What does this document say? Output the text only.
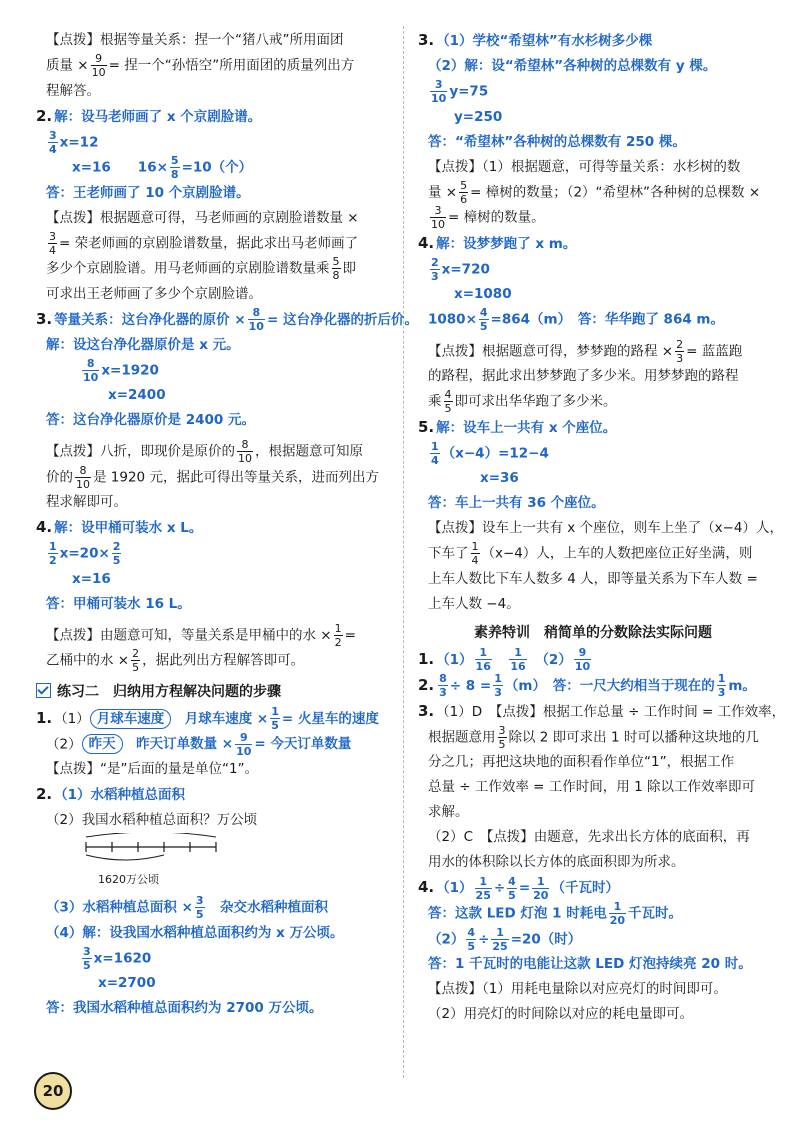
【点拨】根据等量关系：捏一个“猪八戒”所用面团
质量 × $\frac{9}{10}$ = 捏一个“孙悟空”所用面团的质量列出方
程解答。
2. 解：设马老师画了 x 个京剧脸谱。
$\frac{3}{4} x=12$
x=16　　$16\times \frac{5}{8} =10$（个）
答：王老师画了 10 个京剧脸谱。
【点拨】根据题意可得，马老师画的京剧脸谱数量 ×
$\frac{3}{4}$ = 荣老师画的京剧脸谱数量，据此求出马老师画了
多少个京剧脸谱。用马老师画的京剧脸谱数量乘 $\frac{5}{8}$ 即
可求出王老师画了多少个京剧脸谱。
3. 等量关系：这台净化器的原价 × $\frac{8}{10}$ = 这台净化器的折后价。
解：设这台净化器原价是 x 元。
$\frac{8}{10} x=1920$
x=2400
答：这台净化器原价是 2400 元。
【点拨】八折，即现价是原价的 $\frac{8}{10}$ ，根据题意可知原
价的 $\frac{8}{10}$ 是 1920 元，据此可得出等量关系，进而列出方
程求解即可。
4. 解：设甲桶可装水 x L。
$\frac{1}{2} x=20\times \frac{2}{5}$
x=16
答：甲桶可装水 16 L。
【点拨】由题意可知，等量关系是甲桶中的水 × $\frac{1}{2}$ =
乙桶中的水 × $\frac{2}{5}$ ，据此列出方程解答即可。
练习二　归纳用方程解决问题的步骤
1. （1） 月球车速度　 月球车速度 × $\frac{1}{5}$ = 火星车的速度
（2） 昨天　 昨天订单数量 × $\frac{9}{10}$ = 今天订单数量
【点拨】“是”后面的量是单位“1”。
2. （1）水稻种植总面积
（2）我国水稻种植总面积？万公顷
1620万公顷
（3）水稻种植总面积 × $\frac{3}{5}$ 　杂交水稻种植面积
（4）解：设我国水稻种植总面积约为 x 万公顷。
$\frac{3}{5} x=1620$
x=2700
答：我国水稻种植总面积约为 2700 万公顷。
3. （1）学校“希望林”有水杉树多少棵
（2）解：设“希望林”各种树的总棵数有 y 棵。
$\frac{3}{10} y=75$
y=250
答：“希望林”各种树的总棵数有 250 棵。
【点拨】（1）根据题意，可得等量关系：水杉树的数
量 × $\frac{5}{6}$ = 樟树的数量；（2）“希望林”各种树的总棵数 ×
$\frac{3}{10}$ = 樟树的数量。
4. 解：设梦梦跑了 x m。
$\frac{2}{3} x=720$
x=1080
$1080\times \frac{4}{5} =864(m)$　答：华华跑了 864 m。
【点拨】根据题意可得，梦梦跑的路程 × $\frac{2}{3}$ = 蓝蓝跑
的路程，据此求出梦梦跑了多少米。用梦梦跑的路程
乘 $\frac{4}{5}$ 即可求出华华跑了多少米。
5. 解：设车上一共有 x 个座位。
$\frac{1}{4} (x-4)=12-4$
x=36
答：车上一共有 36 个座位。
【点拨】设车上一共有 x 个座位，则车上坐了（x−4）人，
下车了 $\frac{1}{4} (x-4)$人，上车的人数把座位正好坐满，则
上车人数比下车人数多 4 人，即等量关系为下车人数 =
上车人数 −4。
素养特训　稍简单的分数除法实际问题
1. $(1) \frac{1}{16}$
　 $\frac{1}{16}$
　 $(2) \frac{9}{10}$
2. $\frac{8}{3} \div 8 = \frac{1}{3} (m)$　答：一尺大约相当于现在的 $\frac{1}{3}$ m。
3. （1）D　【点拨】根据工作总量 ÷ 工作时间 = 工作效率，
根据题意用 $\frac{3}{5}$ 除以 2 即可求出 1 时可以播种这块地的几
分之几；再把这块地的面积看作单位“1”，根据工作
总量 ÷ 工作效率 = 工作时间，用 1 除以工作效率即可
求解。
（2）C　【点拨】由题意，先求出长方体的底面积，再
用水的体积除以长方体的底面积即为所求。
4. $(1) \frac{1}{25} \div \frac{4}{5} = \frac{1}{20}$ （千瓦时）
答：这款 LED 灯泡 1 时耗电 $\frac{1}{20}$ 千瓦时。
$(2) \frac{4}{5} \div \frac{1}{25} =20$（时）
答：1 千瓦时的电能让这款 LED 灯泡持续亮 20 时。
【点拨】（1）用耗电量除以对应亮灯的时间即可。
（2）用亮灯的时间除以对应的耗电量即可。
20
